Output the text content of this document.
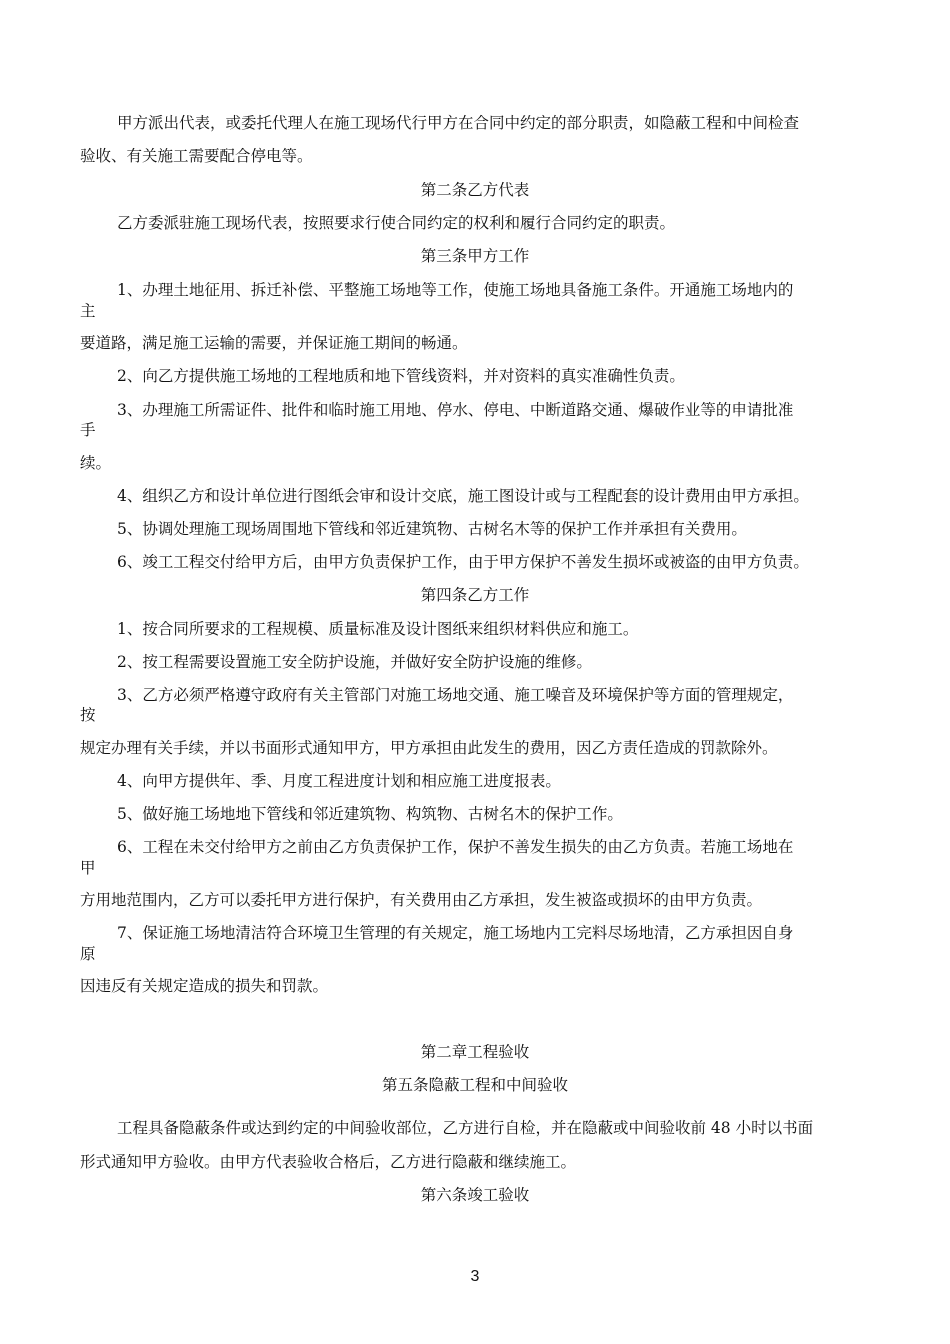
甲方派出代表，或委托代理人在施工现场代行甲方在合同中约定的部分职责，如隐蔽工程和中间检查
验收、有关施工需要配合停电等。
第二条乙方代表
乙方委派驻施工现场代表，按照要求行使合同约定的权利和履行合同约定的职责。
第三条甲方工作
1、办理土地征用、拆迁补偿、平整施工场地等工作，使施工场地具备施工条件。开通施工场地内的
主
要道路，满足施工运输的需要，并保证施工期间的畅通。
2、向乙方提供施工场地的工程地质和地下管线资料，并对资料的真实准确性负责。
3、办理施工所需证件、批件和临时施工用地、停水、停电、中断道路交通、爆破作业等的申请批准
手
续。
4、组织乙方和设计单位进行图纸会审和设计交底，施工图设计或与工程配套的设计费用由甲方承担。
5、协调处理施工现场周围地下管线和邻近建筑物、古树名木等的保护工作并承担有关费用。
6、竣工工程交付给甲方后，由甲方负责保护工作，由于甲方保护不善发生损坏或被盗的由甲方负责。
第四条乙方工作
1、按合同所要求的工程规模、质量标准及设计图纸来组织材料供应和施工。
2、按工程需要设置施工安全防护设施，并做好安全防护设施的维修。
3、乙方必须严格遵守政府有关主管部门对施工场地交通、施工噪音及环境保护等方面的管理规定，
按
规定办理有关手续，并以书面形式通知甲方，甲方承担由此发生的费用，因乙方责任造成的罚款除外。
4、向甲方提供年、季、月度工程进度计划和相应施工进度报表。
5、做好施工场地地下管线和邻近建筑物、构筑物、古树名木的保护工作。
6、工程在未交付给甲方之前由乙方负责保护工作，保护不善发生损失的由乙方负责。若施工场地在
甲
方用地范围内，乙方可以委托甲方进行保护，有关费用由乙方承担，发生被盗或损坏的由甲方负责。
7、保证施工场地清洁符合环境卫生管理的有关规定，施工场地内工完料尽场地清，乙方承担因自身
原
因违反有关规定造成的损失和罚款。
第二章工程验收
第五条隐蔽工程和中间验收
工程具备隐蔽条件或达到约定的中间验收部位，乙方进行自检，并在隐蔽或中间验收前 48 小时以书面
形式通知甲方验收。由甲方代表验收合格后，乙方进行隐蔽和继续施工。
第六条竣工验收
3
